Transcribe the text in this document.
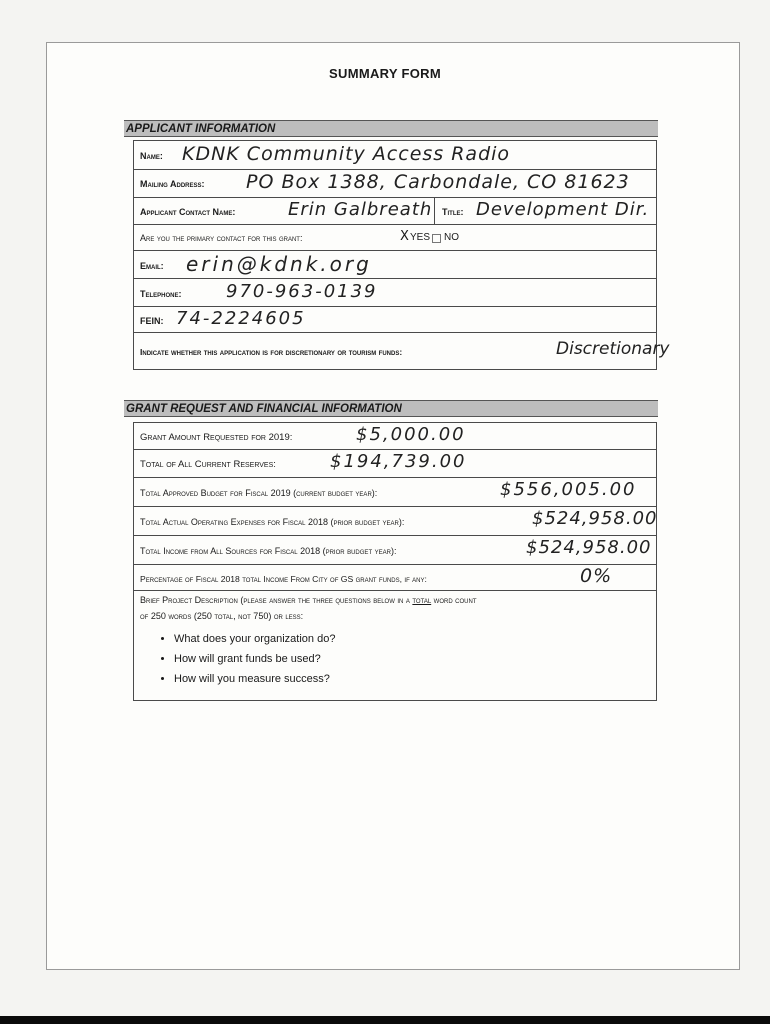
SUMMARY FORM
APPLICANT INFORMATION
Name: KDNK Community Access Radio
Mailing Address: PO Box 1388, Carbondale, CO 81623
Applicant Contact Name:	Erin Galbreath Title: Development Dir.
Are you the primary contact for this grant:	X YES NO
Email: erin@kdnk.org
Telephone: 970-963-0139
FEIN: 74-2224605
Indicate whether this application is for discretionary or tourism funds:	Discretionary
GRANT REQUEST AND FINANCIAL INFORMATION
Grant Amount Requested for 2019:	$5,000.00
Total of All Current Reserves:	$194,739.00
Total Approved Budget for Fiscal 2019 (current budget year):	$556,005.00
Total Actual Operating Expenses for Fiscal 2018 (prior budget year):	$524,958.00
Total Income from All Sources for Fiscal 2018 (prior budget year):	$524,958.00
Percentage of Fiscal 2018 total Income From City of GS grant funds, if any:	0%
Brief Project Description (please answer the three questions below in a total word count
of 250 words (250 total, not 750) or less:
• What does your organization do?
• How will grant funds be used?
• How will you measure success?
